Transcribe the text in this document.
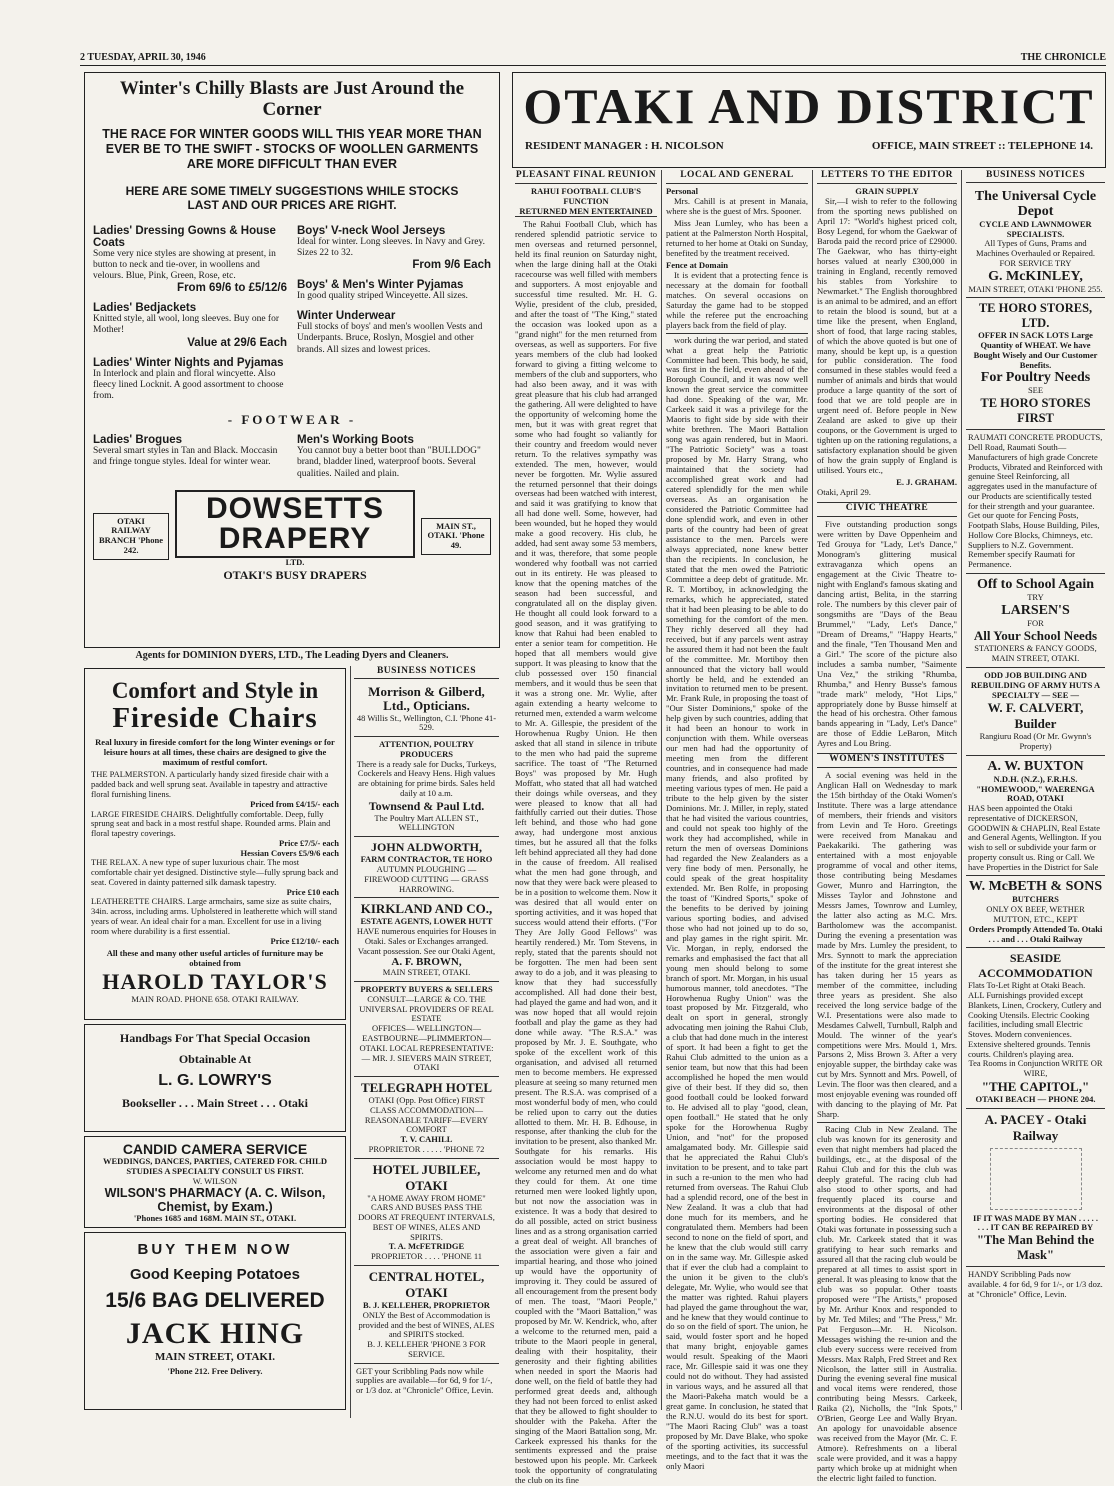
2 TUESDAY, APRIL 30, 1946	THE CHRONICLE
Winter's Chilly Blasts are Just Around the Corner
THE RACE FOR WINTER GOODS WILL THIS YEAR MORE THAN EVER BE TO THE SWIFT - STOCKS OF WOOLLEN GARMENTS ARE MORE DIFFICULT THAN EVER
HERE ARE SOME TIMELY SUGGESTIONS WHILE STOCKS LAST AND OUR PRICES ARE RIGHT.
Ladies' Dressing Gowns & House Coats
Some very nice styles are showing at present, in button to neck and tie-over, in woollens and velours. Blue, Pink, Green, Rose, etc.
From 69/6 to £5/12/6
Ladies' Bedjackets
Knitted style, all wool, long sleeves. Buy one for Mother!
Value at 29/6 Each
Ladies' Winter Nights and Pyjamas
In Interlock and plain and floral wincyette. Also fleecy lined Locknit. A good assortment to choose from.
Boys' V-neck Wool Jerseys
Ideal for winter. Long sleeves. In Navy and Grey. Sizes 22 to 32.
From 9/6 Each
Boys' & Men's Winter Pyjamas
In good quality striped Winceyette. All sizes.
Winter Underwear
Full stocks of boys' and men's woollen Vests and Underpants. Bruce, Roslyn, Mosgiel and other brands. All sizes and lowest prices.
- FOOTWEAR -
Ladies' Brogues
Several smart styles in Tan and Black. Moccasin and fringe tongue styles. Ideal for winter wear.
Men's Working Boots
You cannot buy a better boot than "BULLDOG" brand, bladder lined, waterproof boots. Several qualities. Nailed and plain.
OTAKI RAILWAY BRANCH 'Phone 242.
DOWSETTS DRAPERY
LTD.
OTAKI'S BUSY DRAPERS
MAIN ST., OTAKI. 'Phone 49.
Agents for DOMINION DYERS, LTD., The Leading Dyers and Cleaners.
Comfort and Style in
Fireside Chairs
Real luxury in fireside comfort for the long Winter evenings or for leisure hours at all times, these chairs are designed to give the maximum of restful comfort.
THE PALMERSTON. A particularly handy sized fireside chair with a padded back and well sprung seat. Available in tapestry and attractive floral furnishing linens.
Priced from £4/15/- each
LARGE FIRESIDE CHAIRS. Delightfully comfortable. Deep, fully sprung seat and back in a most restful shape. Rounded arms. Plain and floral tapestry coverings.
Price £7/5/- each
Hessian Covers £5/9/6 each
THE RELAX. A new type of super luxurious chair. The most comfortable chair yet designed. Distinctive style—fully sprung back and seat. Covered in dainty patterned silk damask tapestry.
Price £10 each
LEATHERETTE CHAIRS. Large armchairs, same size as suite chairs, 34in. across, including arms. Upholstered in leatherette which will stand years of wear. An ideal chair for a man. Excellent for use in a living room where durability is a first essential.
Price £12/10/- each
All these and many other useful articles of furniture may be obtained from
HAROLD TAYLOR'S
MAIN ROAD. PHONE 658. OTAKI RAILWAY.
Handbags For That Special Occasion
Obtainable At
L. G. LOWRY'S
Bookseller . . . Main Street . . . Otaki
CANDID CAMERA SERVICE
WEDDINGS, DANCES, PARTIES, CATERED FOR. CHILD STUDIES A SPECIALTY CONSULT US FIRST.
W. WILSON
WILSON'S PHARMACY (A. C. Wilson, Chemist, by Exam.)
'Phones 1685 and 168M. MAIN ST., OTAKI.
BUY THEM NOW
Good Keeping Potatoes
15/6 BAG DELIVERED
JACK HING
MAIN STREET, OTAKI.
'Phone 212. Free Delivery.
BUSINESS NOTICES
Morrison & Gilberd, Ltd., Opticians.
48 Willis St., Wellington, C.I. 'Phone 41-529.
ATTENTION, POULTRY PRODUCERS
There is a ready sale for Ducks, Turkeys, Cockerels and Heavy Hens. High values are obtaining for prime birds. Sales held daily at 10 a.m.
Townsend & Paul Ltd.
The Poultry Mart ALLEN ST., WELLINGTON
JOHN ALDWORTH,
FARM CONTRACTOR, TE HORO
AUTUMN PLOUGHING — FIREWOOD CUTTING — GRASS HARROWING.
KIRKLAND AND CO.,
ESTATE AGENTS, LOWER HUTT
HAVE numerous enquiries for Houses in Otaki. Sales or Exchanges arranged. Vacant possession. See our Otaki Agent,
A. F. BROWN,
MAIN STREET, OTAKI.
PROPERTY BUYERS & SELLERS
CONSULT—LARGE & CO. THE UNIVERSAL PROVIDERS OF REAL ESTATE
OFFICES— WELLINGTON—EASTBOURNE—PLIMMERTON—OTAKI. LOCAL REPRESENTATIVE:— MR. J. SIEVERS MAIN STREET, OTAKI
TELEGRAPH HOTEL
OTAKI (Opp. Post Office) FIRST CLASS ACCOMMODATION—REASONABLE TARIFF—EVERY COMFORT
T. V. CAHILL
PROPRIETOR . . . . . 'PHONE 72
HOTEL JUBILEE, OTAKI
"A HOME AWAY FROM HOME" CARS AND BUSES PASS THE DOORS AT FREQUENT INTERVALS, BEST OF WINES, ALES AND SPIRITS.
T. A. McFETRIDGE
PROPRIETOR . . . . 'PHONE 11
CENTRAL HOTEL, OTAKI
B. J. KELLEHER, PROPRIETOR
ONLY the Best of Accommodation is provided and the best of WINES, ALES and SPIRITS stocked.
B. J. KELLEHER 'PHONE 3 FOR SERVICE.
GET your Scribbling Pads now while supplies are available—for 6d, 9 for 1/-, or 1/3 doz. at "Chronicle" Office, Levin.
OTAKI AND DISTRICT
RESIDENT MANAGER : H. NICOLSON	OFFICE, MAIN STREET :: TELEPHONE 14.
PLEASANT FINAL REUNION
RAHUI FOOTBALL CLUB'S FUNCTION
RETURNED MEN ENTERTAINED
The Rahui Football Club, which has rendered splendid patriotic service to men overseas and returned personnel, held its final reunion on Saturday night, when the large dining hall at the Otaki racecourse was well filled with members and supporters. A most enjoyable and successful time resulted. Mr. H. G. Wylie, president of the club, presided, and after the toast of "The King," stated the occasion was looked upon as a "grand night" for the men returned from overseas, as well as supporters. For five years members of the club had looked forward to giving a fitting welcome to members of the club and supporters, who had also been away, and it was with great pleasure that his club had arranged the gathering. All were delighted to have the opportunity of welcoming home the men, but it was with great regret that some who had fought so valiantly for their country and freedom would never return. To the relatives sympathy was extended. The men, however, would never be forgotten. Mr. Wylie assured the returned personnel that their doings overseas had been watched with interest, and said it was gratifying to know that all had done well. Some, however, had been wounded, but he hoped they would make a good recovery. His club, he added, had sent away some 53 members, and it was, therefore, that some people wondered why football was not carried out in its entirety. He was pleased to know that the opening matches of the season had been successful, and congratulated all on the display given. He thought all could look forward to a good season, and it was gratifying to know that Rahui had been enabled to enter a senior team for competition. He hoped that all members would give support. It was pleasing to know that the club possessed over 150 financial members, and it would thus be seen that it was a strong one. Mr. Wylie, after again extending a hearty welcome to returned men, extended a warm welcome to Mr. A. Gillespie, the president of the Horowhenua Rugby Union. He then asked that all stand in silence in tribute to the men who had paid the supreme sacrifice. The toast of "The Returned Boys" was proposed by Mr. Hugh Moffatt, who stated that all had watched their doings while overseas, and they were pleased to know that all had faithfully carried out their duties. Those left behind, and those who had gone away, had undergone most anxious times, but he assured all that the folks left behind appreciated all they had done in the cause of freedom. All realised what the men had gone through, and now that they were back were pleased to be in a position to welcome them. Now it was desired that all would enter on sporting activities, and it was hoped that success would attend their efforts. ("For They Are Jolly Good Fellows" was heartily rendered.) Mr. Tom Stevens, in reply, stated that the parents should not be forgotten. The men had been sent away to do a job, and it was pleasing to know that they had successfully accomplished. All had done their best, had played the game and had won, and it was now hoped that all would rejoin football and play the game as they had done while away. "The R.S.A." was proposed by Mr. J. E. Southgate, who spoke of the excellent work of this organisation, and advised all returned men to become members. He expressed pleasure at seeing so many returned men present. The R.S.A. was comprised of a most wonderful body of men, who could be relied upon to carry out the duties allotted to them. Mr. H. B. Edhouse, in response, after thanking the club for the invitation to be present, also thanked Mr. Southgate for his remarks. His association would be most happy to welcome any returned men and do what they could for them. At one time returned men were looked lightly upon, but not now the association was in existence. It was a body that desired to do all possible, acted on strict business lines and as a strong organisation carried a great deal of weight. All branches of the association were given a fair and impartial hearing, and those who joined up would have the opportunity of improving it. They could be assured of all encouragement from the present body of men. The toast, "Maori People," coupled with the "Maori Battalion," was proposed by Mr. W. Kendrick, who, after a welcome to the returned men, paid a tribute to the Maori people in general, dealing with their hospitality, their generosity and their fighting abilities when needed in sport the Maoris had done well, on the field of battle they had performed great deeds and, although they had not been forced to enlist asked that they be allowed to fight shoulder to shoulder with the Pakeha. After the singing of the Maori Battalion song, Mr. Carkeek expressed his thanks for the sentiments expressed and the praise bestowed upon his people. Mr. Carkeek took the opportunity of congratulating the club on its fine
LOCAL AND GENERAL
Personal
Mrs. Cahill is at present in Manaia, where she is the guest of Mrs. Spooner.
Miss Jean Lumley, who has been a patient at the Palmerston North Hospital, returned to her home at Otaki on Sunday, benefited by the treatment received.
Fence at Domain
It is evident that a protecting fence is necessary at the domain for football matches. On several occasions on Saturday the game had to be stopped while the referee put the encroaching players back from the field of play.
work during the war period, and stated what a great help the Patriotic Committee had been. This body, he said, was first in the field, even ahead of the Borough Council, and it was now well known the great service the committee had done. Speaking of the war, Mr. Carkeek said it was a privilege for the Maoris to fight side by side with their white brethren. The Maori Battalion song was again rendered, but in Maori. "The Patriotic Society" was a toast proposed by Mr. Harry Strang, who maintained that the society had accomplished great work and had catered splendidly for the men while overseas. As an organisation he considered the Patriotic Committee had done splendid work, and even in other parts of the country had been of great assistance to the men. Parcels were always appreciated, none knew better than the recipients. In conclusion, he stated that the men owed the Patriotic Committee a deep debt of gratitude. Mr. R. T. Mortiboy, in acknowledging the remarks, which he appreciated, stated that it had been pleasing to be able to do something for the comfort of the men. They richly deserved all they had received, but if any parcels went astray he assured them it had not been the fault of the committee. Mr. Mortiboy then announced that the victory ball would shortly be held, and he extended an invitation to returned men to be present. Mr. Frank Rule, in proposing the toast of "Our Sister Dominions," spoke of the help given by such countries, adding that it had been an honour to work in conjunction with them. While overseas our men had had the opportunity of meeting men from the different countries, and in consequence had made many friends, and also profited by meeting various types of men. He paid a tribute to the help given by the sister Dominions. Mr. J. Miller, in reply, stated that he had visited the various countries, and could not speak too highly of the work they had accomplished, while in return the men of overseas Dominions had regarded the New Zealanders as a very fine body of men. Personally, he could speak of the great hospitality extended. Mr. Ben Rolfe, in proposing the toast of "Kindred Sports," spoke of the benefits to be derived by joining various sporting bodies, and advised those who had not joined up to do so, and play games in the right spirit. Mr. Vic. Morgan, in reply, endorsed the remarks and emphasised the fact that all young men should belong to some branch of sport. Mr. Morgan, in his usual humorous manner, told anecdotes. "The Horowhenua Rugby Union" was the toast proposed by Mr. Fitzgerald, who dealt on sport in general, strongly advocating men joining the Rahui Club, a club that had done much in the interest of sport. It had been a fight to get the Rahui Club admitted to the union as a senior team, but now that this had been accomplished he hoped the men would give of their best. If they did so, then good football could be looked forward to. He advised all to play "good, clean, open football." He stated that he only spoke for the Horowhenua Rugby Union, and "not" for the proposed amalgamated body. Mr. Gillespie said that he appreciated the Rahui Club's invitation to be present, and to take part in such a re-union to the men who had returned from overseas. The Rahui Club had a splendid record, one of the best in New Zealand. It was a club that had done much for its members, and he congratulated them. Members had been second to none on the field of sport, and he knew that the club would still carry on in the same way. Mr. Gillespie asked that if ever the club had a complaint to the union it be given to the club's delegate, Mr. Wylie, who would see that the matter was righted. Rahui players had played the game throughout the war, and he knew that they would continue to do so on the field of sport. The union, he said, would foster sport and he hoped that many bright, enjoyable games would result. Speaking of the Maori race, Mr. Gillespie said it was one they could not do without. They had assisted in various ways, and he assured all that the Maori-Pakeha match would be a great game. In conclusion, he stated that the R.N.U. would do its best for sport. "The Maori Racing Club" was a toast proposed by Mr. Dave Blake, who spoke of the sporting activities, its successful meetings, and to the fact that it was the only Maori
LETTERS TO THE EDITOR
GRAIN SUPPLY
Sir,—I wish to refer to the following from the sporting news published on April 17: "World's highest priced colt, Bosy Legend, for whom the Gaekwar of Baroda paid the record price of £29000. The Gaekwar, who has thirty-eight horses valued at nearly £300,000 in training in England, recently removed his stables from Yorkshire to Newmarket." The English thoroughbred is an animal to be admired, and an effort to retain the blood is sound, but at a time like the present, when England, short of food, that large racing stables, of which the above quoted is but one of many, should be kept up, is a question for public consideration. The food consumed in these stables would feed a number of animals and birds that would produce a large quantity of the sort of food that we are told people are in urgent need of. Before people in New Zealand are asked to give up their coupons, or the Government is urged to tighten up on the rationing regulations, a satisfactory explanation should be given of how the grain supply of England is utilised. Yours etc.,
E. J. GRAHAM.
Otaki, April 29.
CIVIC THEATRE
Five outstanding production songs were written by Dave Oppenheim and Ted Grouya for "Lady, Let's Dance," Monogram's glittering musical extravaganza which opens an engagement at the Civic Theatre to-night with England's famous skating and dancing artist, Belita, in the starring role. The numbers by this clever pair of songsmiths are "Days of the Beau Brummel," "Lady, Let's Dance," "Dream of Dreams," "Happy Hearts," and the finale, "Ten Thousand Men and a Girl." The score of the picture also includes a samba number, "Saimente Una Vez," the striking "Rhumba, Rhumba," and Henry Busse's famous "trade mark" melody, "Hot Lips," appropriately done by Busse himself at the head of his orchestra. Other famous bands appearing in "Lady, Let's Dance" are those of Eddie LeBaron, Mitch Ayres and Lou Bring.
WOMEN'S INSTITUTES
A social evening was held in the Anglican Hall on Wednesday to mark the 15th birthday of the Otaki Women's Institute. There was a large attendance of members, their friends and visitors from Levin and Te Horo. Greetings were received from Manakau and Paekakariki. The gathering was entertained with a most enjoyable programme of vocal and other items, those contributing being Mesdames Gower, Munro and Harrington, the Misses Taylor and Johnstone and Messrs James, Townrow and Lumley, the latter also acting as M.C. Mrs. Bartholomew was the accompanist. During the evening a presentation was made by Mrs. Lumley the president, to Mrs. Synnott to mark the appreciation of the institute for the great interest she has taken during her 15 years as member of the committee, including three years as president. She also received the long service badge of the W.I. Presentations were also made to Mesdames Calwell, Turnbull, Ralph and Mould. The winner of the year's competitions were Mrs. Mould 1, Mrs. Parsons 2, Miss Brown 3. After a very enjoyable supper, the birthday cake was cut by Mrs. Synnott and Mrs. Powell, of Levin. The floor was then cleared, and a most enjoyable evening was rounded off with dancing to the playing of Mr. Pat Sharp.
Racing Club in New Zealand. The club was known for its generosity and even that night members had placed the buildings, etc., at the disposal of the Rahui Club and for this the club was deeply grateful. The racing club had also stood to other sports, and had frequently placed its course and environments at the disposal of other sporting bodies. He considered that Otaki was fortunate in possessing such a club. Mr. Carkeek stated that it was gratifying to hear such remarks and assured all that the racing club would be prepared at all times to assist sport in general. It was pleasing to know that the club was so popular. Other toasts proposed were "The Artists," proposed by Mr. Arthur Knox and responded to by Mr. Ted Miles; and "The Press," Mr. Pat Ferguson—Mr. H. Nicolson. Messages wishing the re-union and the club every success were received from Messrs. Max Ralph, Fred Street and Rex Nicolson, the latter still in Australia. During the evening several fine musical and vocal items were rendered, those contributing being Messrs. Carkeek, Raika (2), Nicholls, the "Ink Spots," O'Brien, George Lee and Wally Bryan. An apology for unavoidable absence was received from the Mayor (Mr. C. F. Atmore). Refreshments on a liberal scale were provided, and it was a happy party which broke up at midnight when the electric light failed to function.
BUSINESS NOTICES
The Universal Cycle Depot
CYCLE AND LAWNMOWER SPECIALISTS.
All Types of Guns, Prams and Machines Overhauled or Repaired. FOR SERVICE TRY
G. McKINLEY,
MAIN STREET, OTAKI 'PHONE 255.
TE HORO STORES, LTD.
OFFER IN SACK LOTS Large Quantity of WHEAT. We have Bought Wisely and Our Customer Benefits.
For Poultry Needs
SEE
TE HORO STORES FIRST
RAUMATI CONCRETE PRODUCTS, Dell Road, Raumati South—Manufacturers of high grade Concrete Products, Vibrated and Reinforced with genuine Steel Reinforcing, all aggregates used in the manufacture of our Products are scientifically tested for their strength and your guarantee. Get our quote for Fencing Posts, Footpath Slabs, House Building, Piles, Hollow Core Blocks, Chimneys, etc. Suppliers to N.Z. Government. Remember specify Raumati for Permanence.
Off to School Again
TRY
LARSEN'S
FOR
All Your School Needs
STATIONERS & FANCY GOODS, MAIN STREET, OTAKI.
ODD JOB BUILDING AND REBUILDING OF ARMY HUTS A SPECIALTY — SEE —
W. F. CALVERT, Builder
Rangiuru Road (Or Mr. Gwynn's Property)
A. W. BUXTON
N.D.H. (N.Z.), F.R.H.S. "HOMEWOOD," WAERENGA ROAD, OTAKI
HAS been appointed the Otaki representative of DICKERSON, GOODWIN & CHAPLIN, Real Estate and General Agents, Wellington. If you wish to sell or subdivide your farm or property consult us. Ring or Call. We have Properties in the District for Sale
W. McBETH & SONS
BUTCHERS
ONLY OX BEEF, WETHER MUTTON, ETC., KEPT
Orders Promptly Attended To. Otaki . . . and . . . Otaki Railway
SEASIDE ACCOMMODATION
Flats To-Let Right at Otaki Beach. ALL Furnishings provided except Blankets, Linen, Crockery, Cutlery and Cooking Utensils. Electric Cooking facilities, including small Electric Stoves. Modern conveniences. Extensive sheltered grounds. Tennis courts. Children's playing area.
Tea Rooms in Conjunction WRITE OR WIRE,
"THE CAPITOL,"
OTAKI BEACH — PHONE 204.
A. PACEY - Otaki Railway
IF IT WAS MADE BY MAN . . . . .
. . . IT CAN BE REPAIRED BY
"The Man Behind the Mask"
HANDY Scribbling Pads now available. 4 for 6d, 9 for 1/-, or 1/3 doz. at "Chronicle" Office, Levin.
